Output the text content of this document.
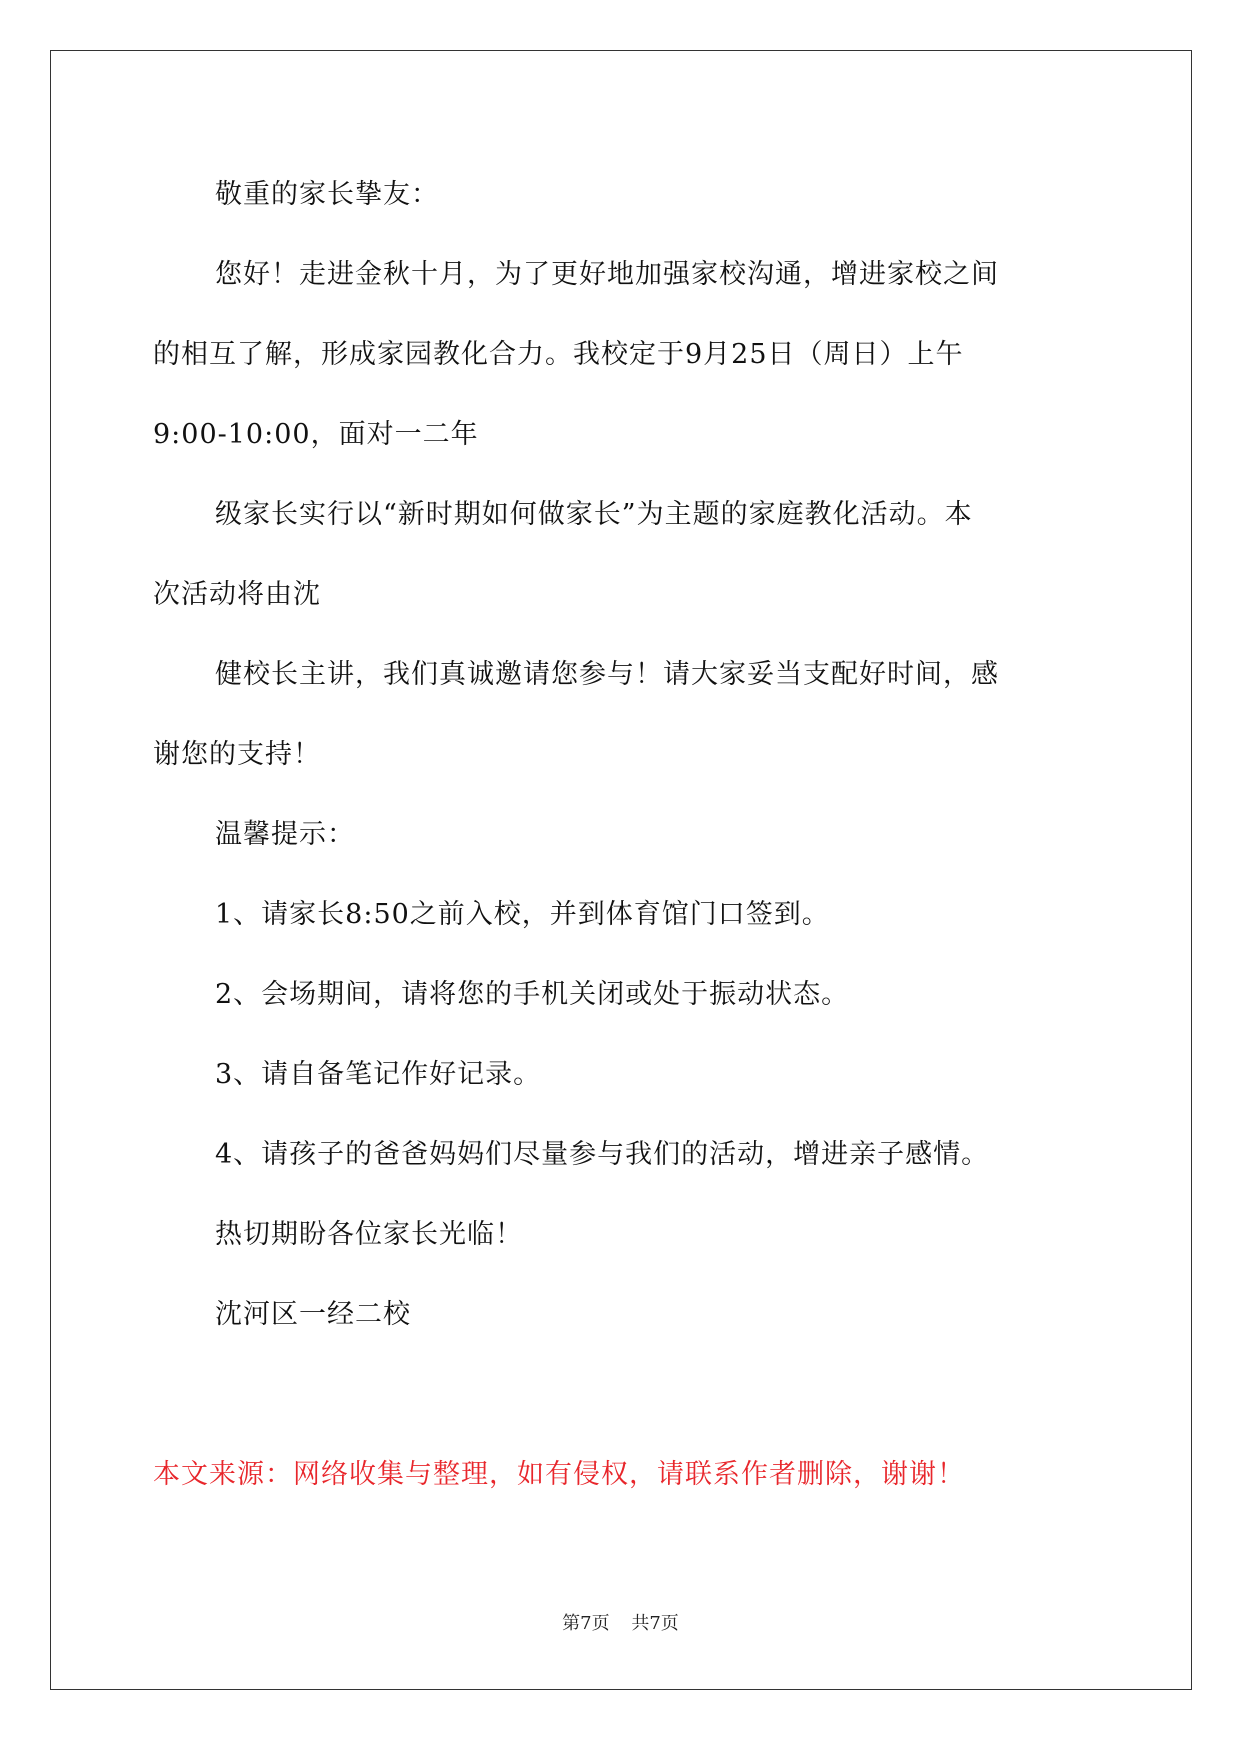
敬重的家长挚友：
您好！走进金秋十月，为了更好地加强家校沟通，增进家校之间
的相互了解，形成家园教化合力。我校定于9月25日（周日）上午
9:00-10:00，面对一二年
级家长实行以“新时期如何做家长”为主题的家庭教化活动。本
次活动将由沈
健校长主讲，我们真诚邀请您参与！请大家妥当支配好时间，感
谢您的支持！
温馨提示：
1、请家长8:50之前入校，并到体育馆门口签到。
2、会场期间，请将您的手机关闭或处于振动状态。
3、请自备笔记作好记录。
4、请孩子的爸爸妈妈们尽量参与我们的活动，增进亲子感情。
热切期盼各位家长光临！
沈河区一经二校
本文来源：网络收集与整理，如有侵权，请联系作者删除，谢谢！
第7页 共7页
